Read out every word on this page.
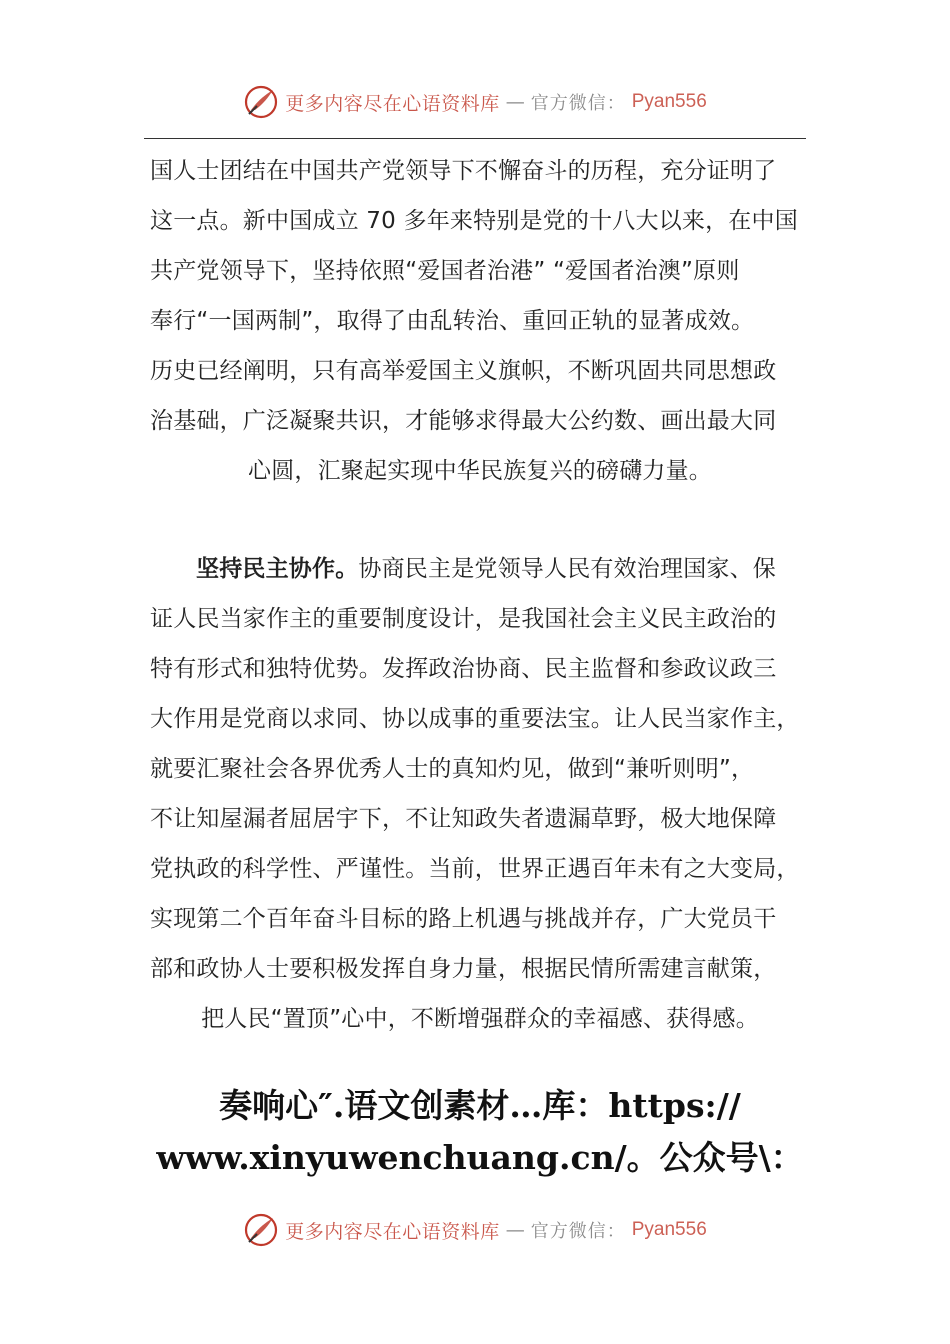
更多内容尽在心语资料库 — 官方微信： Pyan556
国人士团结在中国共产党领导下不懈奋斗的历程，充分证明了
这一点。新中国成立 70 多年来特别是党的十八大以来，在中国
共产党领导下，坚持依照“爱国者治港” “爱国者治澳”原则
奉行“一国两制”，取得了由乱转治、重回正轨的显著成效。
历史已经阐明，只有高举爱国主义旗帜，不断巩固共同思想政
治基础，广泛凝聚共识，才能够求得最大公约数、画出最大同
心圆，汇聚起实现中华民族复兴的磅礴力量。
坚持民主协作。协商民主是党领导人民有效治理国家、保
证人民当家作主的重要制度设计，是我国社会主义民主政治的
特有形式和独特优势。发挥政治协商、民主监督和参政议政三
大作用是党商以求同、协以成事的重要法宝。让人民当家作主，
就要汇聚社会各界优秀人士的真知灼见，做到“兼听则明”，
不让知屋漏者屈居宇下，不让知政失者遗漏草野，极大地保障
党执政的科学性、严谨性。当前，世界正遇百年未有之大变局，
实现第二个百年奋斗目标的路上机遇与挑战并存，广大党员干
部和政协人士要积极发挥自身力量，根据民情所需建言献策，
把人民“置顶”心中，不断增强群众的幸福感、获得感。
奏响心″.语文创素材…库：https://
www.xinyuwenchuang.cn/。公众号\：
更多内容尽在心语资料库 — 官方微信： Pyan556
